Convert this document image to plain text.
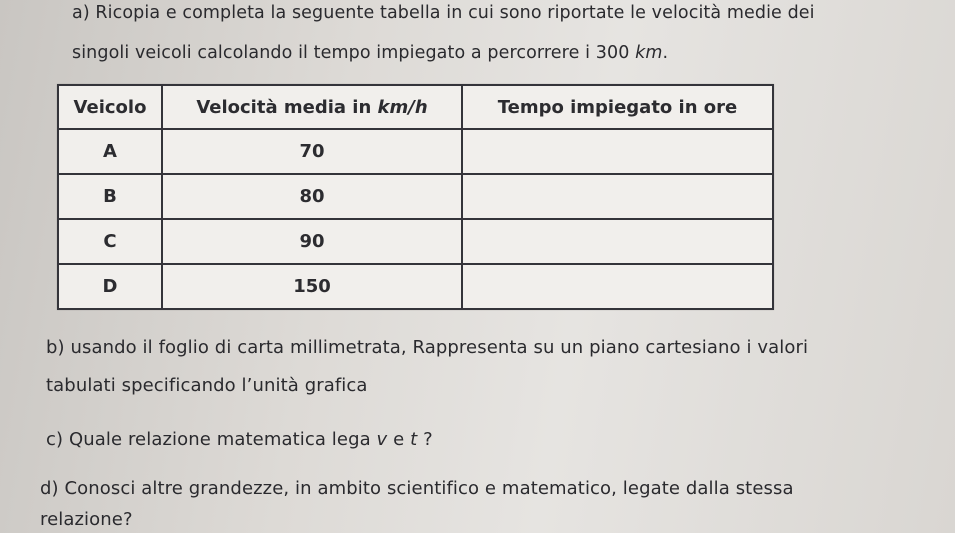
a) Ricopia e completa la seguente tabella in cui sono riportate le velocità medie dei
singoli veicoli calcolando il tempo impiegato a percorrere i 300 km.
Veicolo	Velocità media in km/h	Tempo impiegato in ore
A	70	
B	80	
C	90	
D	150	
b) usando il foglio di carta millimetrata, Rappresenta su un piano cartesiano i valori
tabulati specificando l’unità grafica
c) Quale relazione matematica lega v e t ?
d) Conosci altre grandezze, in ambito scientifico e matematico, legate dalla stessa
relazione?
